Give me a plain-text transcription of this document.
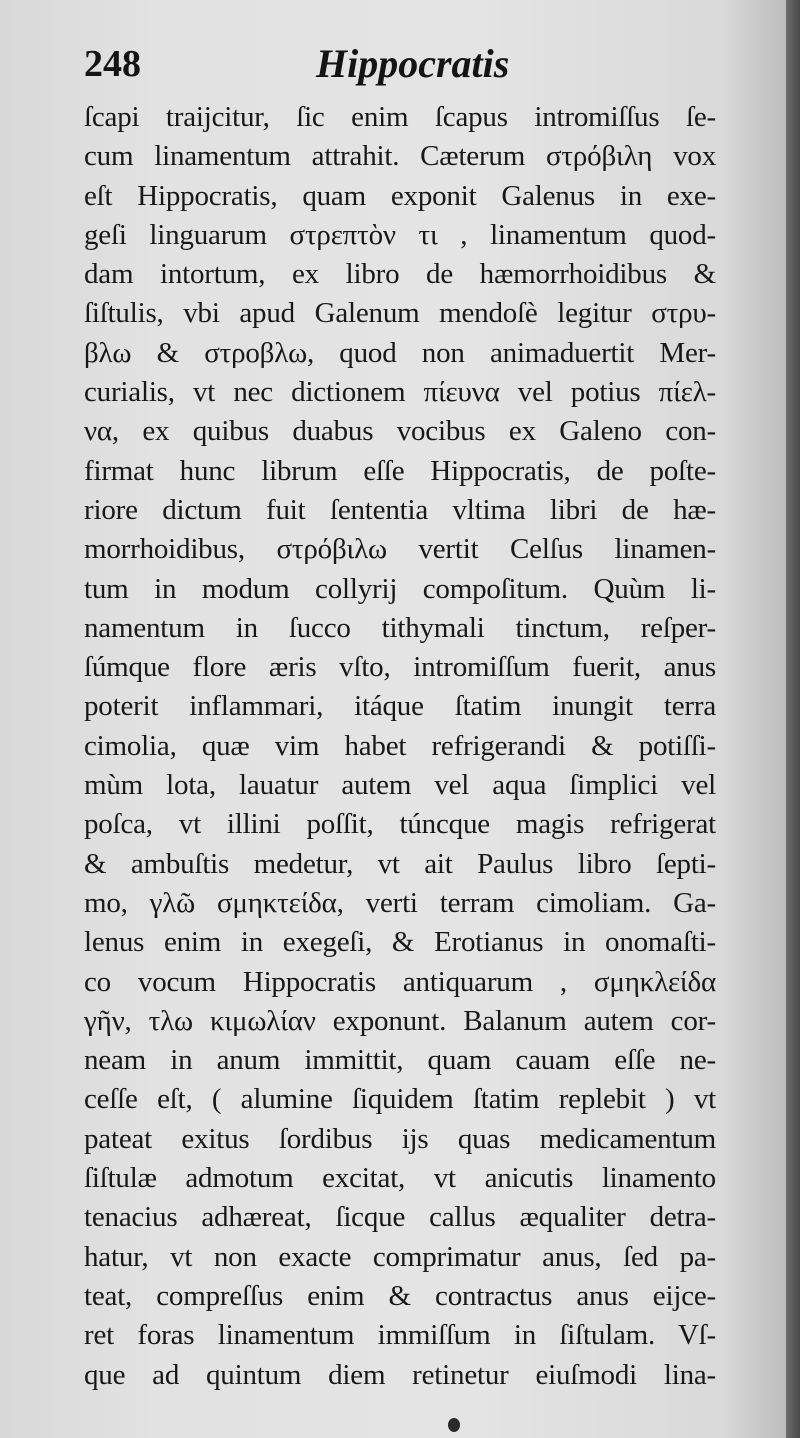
248	Hippocratis
ſcapi traijcitur, ſic enim ſcapus intromiſſus ſe-
cum linamentum attrahit. Cæterum στρόβιλη vox
eſt Hippocratis, quam exponit Galenus in exe-
geſi linguarum στρεπτὸν τι , linamentum quod-
dam intortum, ex libro de hæmorrhoidibus &
ſiſtulis, vbi apud Galenum mendoſè legitur στρυ-
βλω & στροβλω, quod non animaduertit Mer-
curialis, vt nec dictionem πίευνα vel potius πίελ-
να, ex quibus duabus vocibus ex Galeno con-
firmat hunc librum eſſe Hippocratis, de poſte-
riore dictum fuit ſententia vltima libri de hæ-
morrhoidibus, στρόβιλω vertit Celſus linamen-
tum in modum collyrij compoſitum. Quùm li-
namentum in ſucco tithymali tinctum, reſper-
ſúmque flore æris vſto, intromiſſum fuerit, anus
poterit inflammari, itáque ſtatim inungit terra
cimolia, quæ vim habet refrigerandi & potiſſi-
mùm lota, lauatur autem vel aqua ſimplici vel
poſca, vt illini poſſit, túncque magis refrigerat
& ambuſtis medetur, vt ait Paulus libro ſepti-
mo, γλῶ σμηκτείδα, verti terram cimoliam. Ga-
lenus enim in exegeſi, & Erotianus in onomaſti-
co vocum Hippocratis antiquarum , σμηκλείδα
γῆν, τλω κιμωλίαν exponunt. Balanum autem cor-
neam in anum immittit, quam cauam eſſe ne-
ceſſe eſt, ( alumine ſiquidem ſtatim replebit ) vt
pateat exitus ſordibus ijs quas medicamentum
ſiſtulæ admotum excitat, vt anicutis linamento
tenacius adhæreat, ſicque callus æqualiter detra-
hatur, vt non exacte comprimatur anus, ſed pa-
teat, compreſſus enim & contractus anus eijce-
ret foras linamentum immiſſum in ſiſtulam. Vſ-
que ad quintum diem retinetur eiuſmodi lina-
